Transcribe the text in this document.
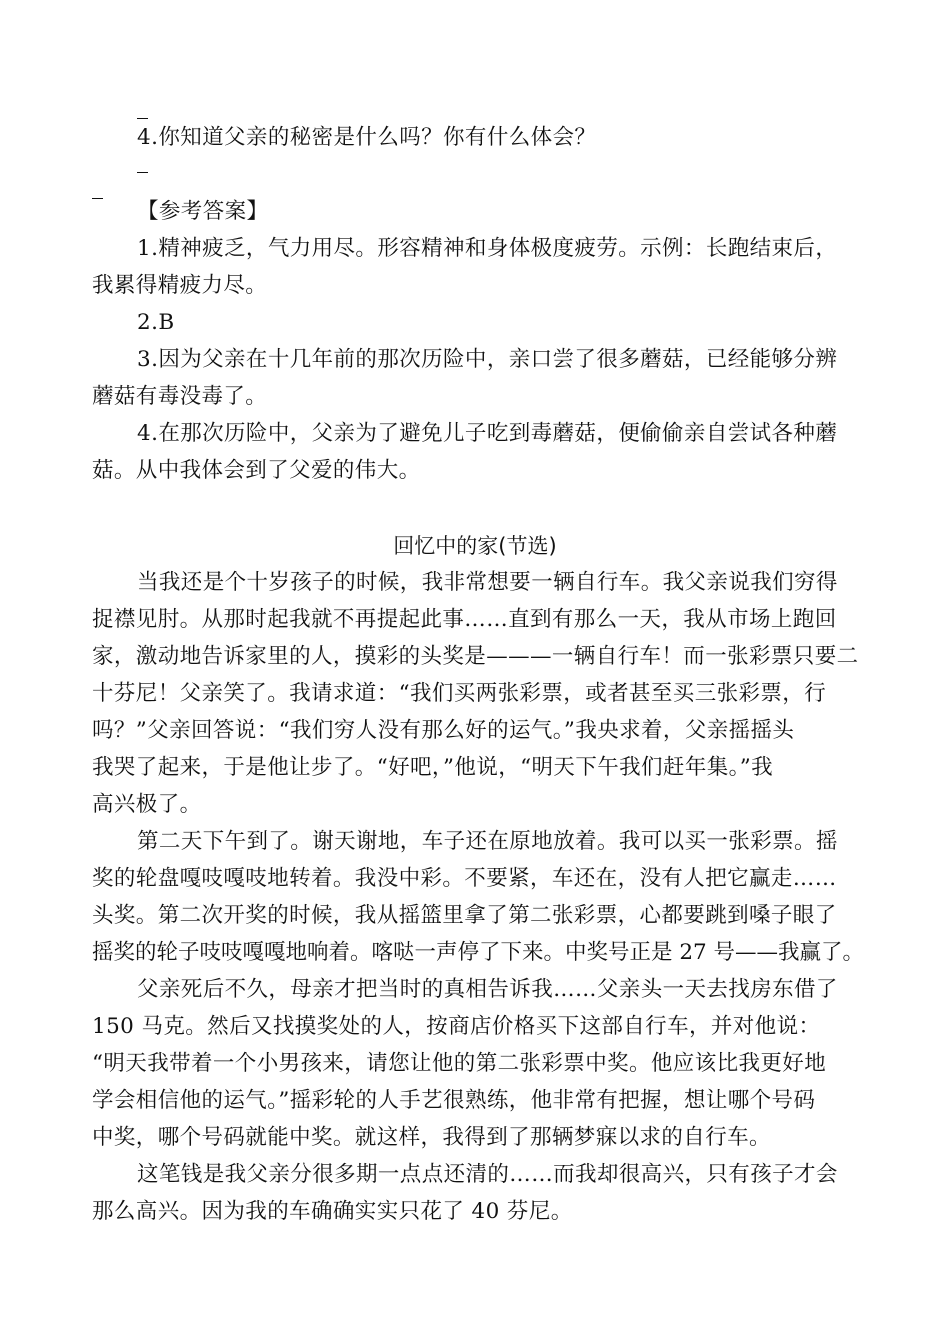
4.你知道父亲的秘密是什么吗？你有什么体会？
【参考答案】
1.精神疲乏，气力用尽。形容精神和身体极度疲劳。示例：长跑结束后，
我累得精疲力尽。
2.B
3.因为父亲在十几年前的那次历险中，亲口尝了很多蘑菇，已经能够分辨
蘑菇有毒没毒了。
4.在那次历险中，父亲为了避免儿子吃到毒蘑菇，便偷偷亲自尝试各种蘑
菇。从中我体会到了父爱的伟大。
回忆中的家(节选)
当我还是个十岁孩子的时候，我非常想要一辆自行车。我父亲说我们穷得
捉襟见肘。从那时起我就不再提起此事……直到有那么一天，我从市场上跑回
家，激动地告诉家里的人，摸彩的头奖是———一辆自行车！而一张彩票只要二
十芬尼！父亲笑了。我请求道：“我们买两张彩票，或者甚至买三张彩票，行
吗？”父亲回答说：“我们穷人没有那么好的运气。”我央求着，父亲摇摇头
我哭了起来，于是他让步了。“好吧，”他说，“明天下午我们赶年集。”我
高兴极了。
第二天下午到了。谢天谢地，车子还在原地放着。我可以买一张彩票。摇
奖的轮盘嘎吱嘎吱地转着。我没中彩。不要紧，车还在，没有人把它赢走……
头奖。第二次开奖的时候，我从摇篮里拿了第二张彩票，心都要跳到嗓子眼了
摇奖的轮子吱吱嘎嘎地响着。喀哒一声停了下来。中奖号正是 27 号——我赢了。
父亲死后不久，母亲才把当时的真相告诉我……父亲头一天去找房东借了
150 马克。然后又找摸奖处的人，按商店价格买下这部自行车，并对他说：
“明天我带着一个小男孩来，请您让他的第二张彩票中奖。他应该比我更好地
学会相信他的运气。”摇彩轮的人手艺很熟练，他非常有把握，想让哪个号码
中奖，哪个号码就能中奖。就这样，我得到了那辆梦寐以求的自行车。
这笔钱是我父亲分很多期一点点还清的……而我却很高兴，只有孩子才会
那么高兴。因为我的车确确实实只花了 40 芬尼。
